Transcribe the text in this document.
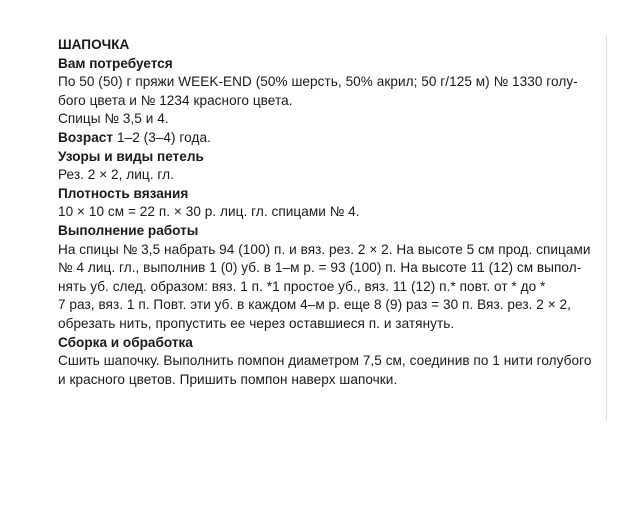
ШАПОЧКА
Вам потребуется
По 50 (50) г пряжи WEEK-END (50% шерсть, 50% акрил; 50 г/125 м) № 1330 голу-
бого цвета и № 1234 красного цвета.
Спицы № 3,5 и 4.
Возраст 1–2 (3–4) года.
Узоры и виды петель
Рез. 2 × 2, лиц. гл.
Плотность вязания
10 × 10 см = 22 п. × 30 р. лиц. гл. спицами № 4.
Выполнение работы
На спицы № 3,5 набрать 94 (100) п. и вяз. рез. 2 × 2. На высоте 5 см прод. спицами
№ 4 лиц. гл., выполнив 1 (0) уб. в 1–м р. = 93 (100) п. На высоте 11 (12) см выпол-
нять уб. след. образом: вяз. 1 п. *1 простое уб., вяз. 11 (12) п.* повт. от * до *
7 раз, вяз. 1 п. Повт. эти уб. в каждом 4–м р. еще 8 (9) раз = 30 п. Вяз. рез. 2 × 2,
обрезать нить, пропустить ее через оставшиеся п. и затянуть.
Сборка и обработка
Сшить шапочку. Выполнить помпон диаметром 7,5 см, соединив по 1 нити голубого
и красного цветов. Пришить помпон наверх шапочки.
